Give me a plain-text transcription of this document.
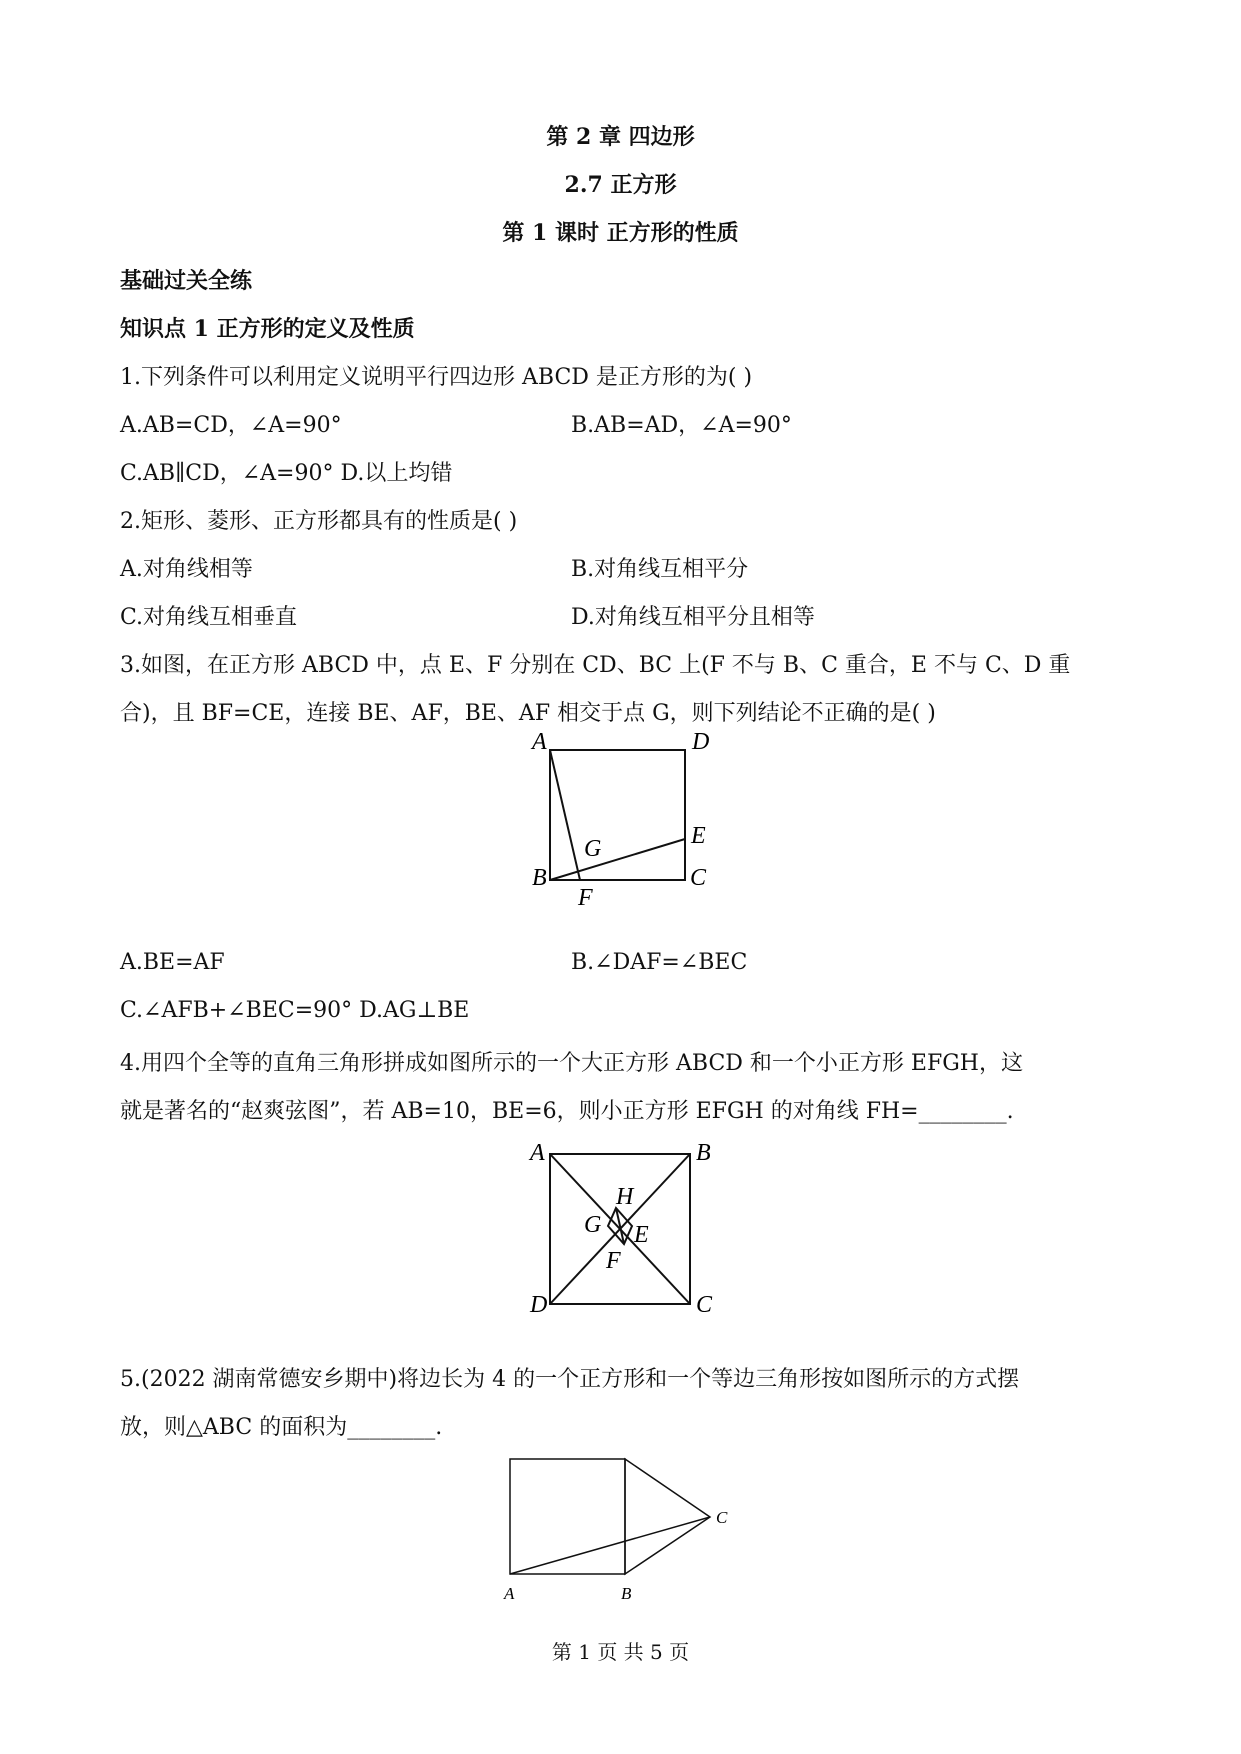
第 2 章 四边形
2.7 正方形
第 1 课时 正方形的性质
基础过关全练
知识点 1 正方形的定义及性质
1.下列条件可以利用定义说明平行四边形 ABCD 是正方形的为( )
A.AB=CD，∠A=90°	B.AB=AD，∠A=90°
C.AB∥CD，∠A=90° D.以上均错
2.矩形、菱形、正方形都具有的性质是( )
A.对角线相等	B.对角线互相平分
C.对角线互相垂直	D.对角线互相平分且相等
3.如图，在正方形 ABCD 中，点 E、F 分别在 CD、BC 上(F 不与 B、C 重合，E 不与 C、D 重
合)，且 BF=CE，连接 BE、AF，BE、AF 相交于点 G，则下列结论不正确的是( )
A	D
E
G
B
F
C
A.BE=AF	B.∠DAF=∠BEC
C.∠AFB+∠BEC=90° D.AG⊥BE
4.用四个全等的直角三角形拼成如图所示的一个大正方形 ABCD 和一个小正方形 EFGH，这
就是著名的“赵爽弦图”，若 AB=10，BE=6，则小正方形 EFGH 的对角线 FH=________.
A	B
H
G E
F
D	C
5.(2022 湖南常德安乡期中)将边长为 4 的一个正方形和一个等边三角形按如图所示的方式摆
放，则△ABC 的面积为________.
C
A	B
第 1 页 共 5 页
